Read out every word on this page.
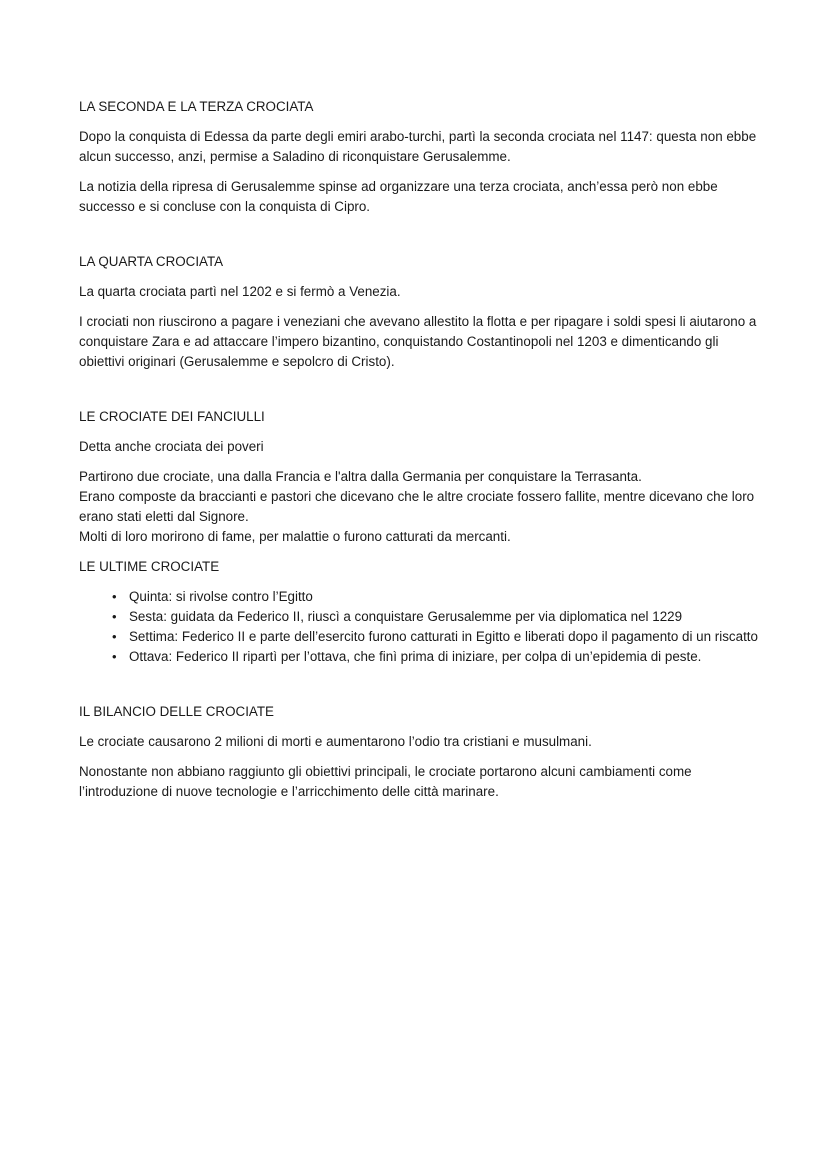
LA SECONDA E LA TERZA CROCIATA

Dopo la conquista di Edessa da parte degli emiri arabo-turchi, partì la seconda crociata nel 1147: questa non ebbe alcun successo, anzi, permise a Saladino di riconquistare Gerusalemme.

La notizia della ripresa di Gerusalemme spinse ad organizzare una terza crociata, anch’essa però non ebbe successo e si concluse con la conquista di Cipro.

LA QUARTA CROCIATA

La quarta crociata partì nel 1202 e si fermò a Venezia.

I crociati non riuscirono a pagare i veneziani che avevano allestito la flotta e per ripagare i soldi spesi li aiutarono a conquistare Zara e ad attaccare l’impero bizantino, conquistando Costantinopoli nel 1203 e dimenticando gli obiettivi originari (Gerusalemme e sepolcro di Cristo).

LE CROCIATE DEI FANCIULLI

Detta anche crociata dei poveri

Partirono due crociate, una dalla Francia e l'altra dalla Germania per conquistare la Terrasanta.
Erano composte da braccianti e pastori che dicevano che le altre crociate fossero fallite, mentre dicevano che loro erano stati eletti dal Signore.
Molti di loro morirono di fame, per malattie o furono catturati da mercanti.

LE ULTIME CROCIATE
• Quinta: si rivolse contro l’Egitto
• Sesta: guidata da Federico II, riuscì a conquistare Gerusalemme per via diplomatica nel 1229
• Settima: Federico II e parte dell’esercito furono catturati in Egitto e liberati dopo il pagamento di un riscatto
• Ottava: Federico II ripartì per l’ottava, che finì prima di iniziare, per colpa di un’epidemia di peste.
IL BILANCIO DELLE CROCIATE

Le crociate causarono 2 milioni di morti e aumentarono l’odio tra cristiani e musulmani.

Nonostante non abbiano raggiunto gli obiettivi principali, le crociate portarono alcuni cambiamenti come l’introduzione di nuove tecnologie e l’arricchimento delle città marinare.
